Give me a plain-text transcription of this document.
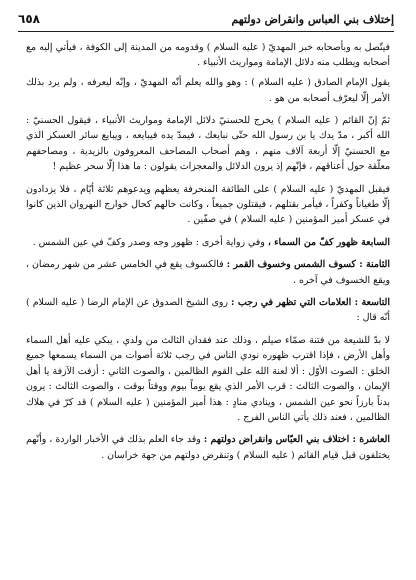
إختلاف بني العباس وانقراض دولتهم
٦٥٨

فيتّصل به وبأصحابه خبر المهديّ ( عليه السلام ) وقدومه من المدينة إلى الكوفة ، فيأتي إليه مع أصحابه ويطلب منه دلائل الإمامة ومواريث الأنبياء .

يقول الإمام الصادق ( عليه السلام ) : وهو والله يعلم أنّه المهديّ ، وإنّه ليعرفه ، ولم يرد بذلك الأمر إلّا ليعرّف أصحابه من هو .

ثمّ إنّ القائم ( عليه السلام ) يخرج للحسنيّ دلائل الإمامة ومواريث الأنبياء ، فيقول الحسنيّ : الله أكبر ، مدّ يدك يا بن رسول الله حتّى نبايعك ، فيمدّ يده فيبايعه ، ويبايع سائر العسكر الذي مع الحسنيّ إلّا أربعة آلاف منهم ، وهم أصحاب المصاحف المعروفون بالزيدية ، ومصاحفهم معلّقة حول أعناقهم ، فإنّهم إذ يرون الدلائل والمعجزات يقولون : ما هذا إلّا سحر عظيم !

فيقبل المهديّ ( عليه السلام ) على الطائفة المنحرفة يعظهم ويدعوهم ثلاثة أيّام ، فلا يزدادون إلّا طغياناً وكفراً ، فيأمر بقتلهم ، فيقتلون جميعاً ، وكانت حالهم كحال خوارج النهروان الذين كانوا في عسكر أمير المؤمنين ( عليه السلام ) في صفّين .

السابعة ظهور كفّ من السماء ، وفي رواية أخرى : ظهور وجه وصدر وكفّ في عين الشمس .

الثامنة : كسوف الشمس وخسوف القمر : فالكسوف يقع في الخامس عشر من شهر رمضان ، ويقع الخسوف في آخره .

التاسعة : العلامات التي تظهر في رجب : روى الشيخ الصدوق عن الإمام الرضا ( عليه السلام ) أنّه قال :

لا بدّ للشيعة من فتنة صمّاء صيلم ، وذلك عند فقدان الثالث من ولدي ، يبكي عليه أهل السماء وأهل الأرض ، فإذا اقترب ظهوره نودي الناس في رجب ثلاثة أصوات من السماء يسمعها جميع الخلق : الصوت الأوّل : ألا لعنة الله على القوم الظالمين ، والصوت الثاني : أزفت الآزفة يا أهل الإيمان ، والصوت الثالث : قرب الأمر الذي يقع يوماً بيوم ووقتاً بوقت ، والصوت الثالث : يرون بدناً بارزاً نحو عين الشمس ، وينادي منادٍ : هذا أمير المؤمنين ( عليه السلام ) قد كرّ في هلاك الظالمين ، فعند ذلك يأتي الناس الفرج .

العاشرة : اختلاف بني العبّاس وانقراض دولتهم : وقد جاء العلم بذلك في الأخبار الواردة ، وأنّهم يختلفون قبل قيام القائم ( عليه السلام ) وتنقرض دولتهم من جهة خراسان .
